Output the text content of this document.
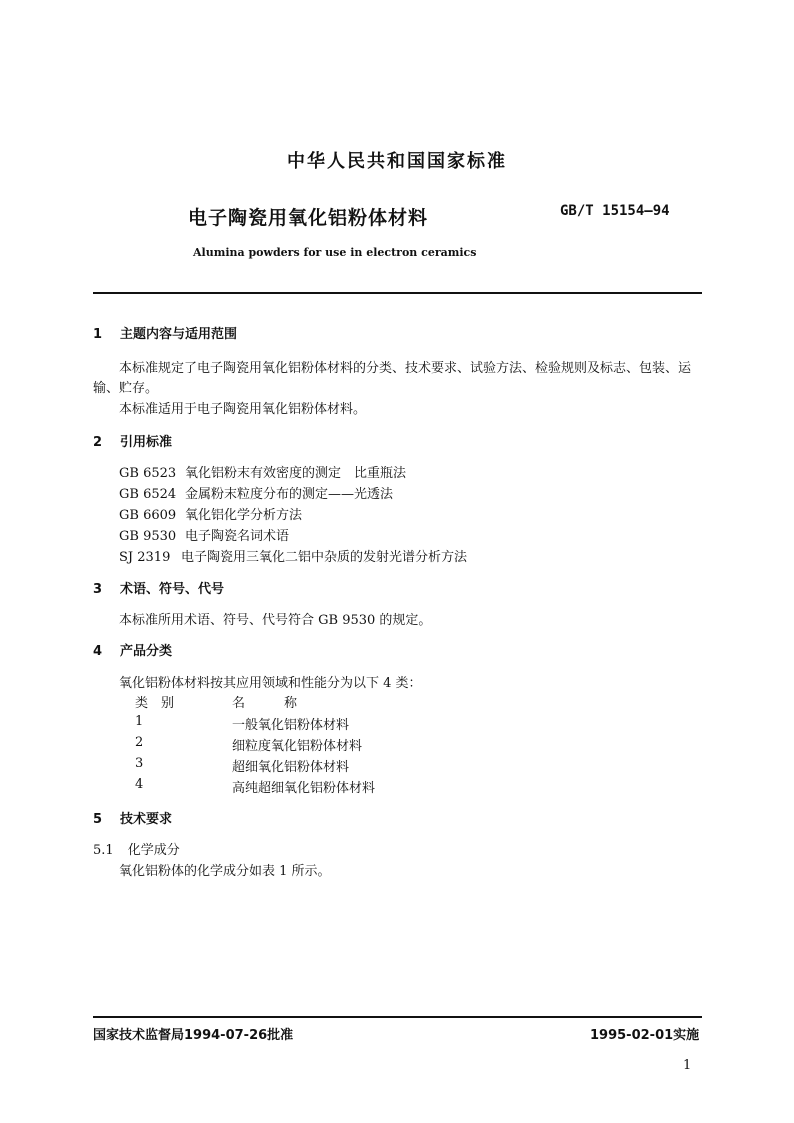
中华人民共和国国家标准
电子陶瓷用氧化铝粉体材料	GB/T 15154—94
Alumina powders for use in electron ceramics
1 主题内容与适用范围
本标准规定了电子陶瓷用氧化铝粉体材料的分类、技术要求、试验方法、检验规则及标志、包装、运
输、贮存。
本标准适用于电子陶瓷用氧化铝粉体材料。
2 引用标准
GB 6523 氧化铝粉末有效密度的测定　比重瓶法
GB 6524 金属粉末粒度分布的测定——光透法
GB 6609 氧化铝化学分析方法
GB 9530 电子陶瓷名词术语
SJ 2319 电子陶瓷用三氧化二铝中杂质的发射光谱分析方法
3 术语、符号、代号
本标准所用术语、符号、代号符合 GB 9530 的规定。
4 产品分类
氧化铝粉体材料按其应用领域和性能分为以下 4 类：
类　别	名　　　称
1	一般氧化铝粉体材料
2	细粒度氧化铝粉体材料
3	超细氧化铝粉体材料
4	高纯超细氧化铝粉体材料
5 技术要求
5.1 化学成分
氧化铝粉体的化学成分如表 1 所示。
国家技术监督局1994-07-26批准	1995-02-01实施
1
